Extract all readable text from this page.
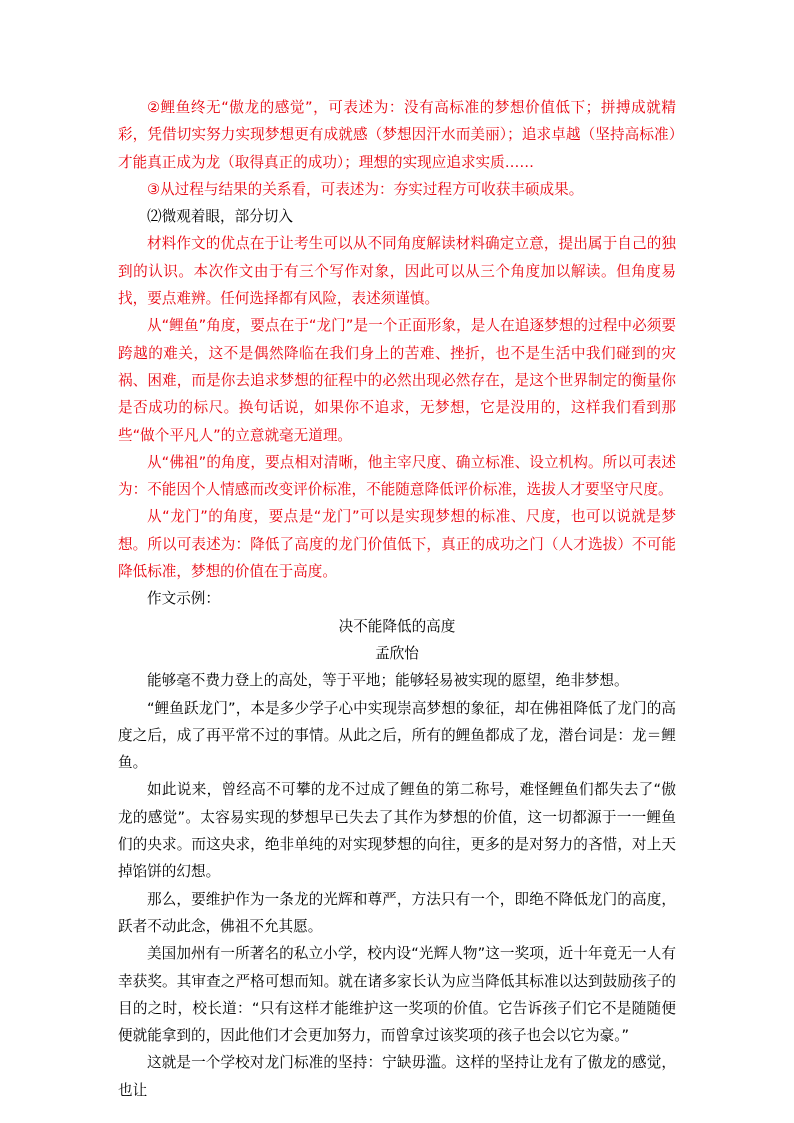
②鲤鱼终无“傲龙的感觉”，可表述为：没有高标准的梦想价值低下；拼搏成就精彩，凭借切实努力实现梦想更有成就感（梦想因汗水而美丽）；追求卓越（坚持高标准）才能真正成为龙（取得真正的成功）；理想的实现应追求实质……

③从过程与结果的关系看，可表述为：夯实过程方可收获丰硕成果。

⑵微观着眼，部分切入

材料作文的优点在于让考生可以从不同角度解读材料确定立意，提出属于自己的独到的认识。本次作文由于有三个写作对象，因此可以从三个角度加以解读。但角度易找，要点难辨。任何选择都有风险，表述须谨慎。

从“鲤鱼”角度，要点在于“龙门”是一个正面形象，是人在追逐梦想的过程中必须要跨越的难关，这不是偶然降临在我们身上的苦难、挫折，也不是生活中我们碰到的灾祸、困难，而是你去追求梦想的征程中的必然出现必然存在，是这个世界制定的衡量你是否成功的标尺。换句话说，如果你不追求，无梦想，它是没用的，这样我们看到那些“做个平凡人”的立意就毫无道理。

从“佛祖”的角度，要点相对清晰，他主宰尺度、确立标准、设立机构。所以可表述为：不能因个人情感而改变评价标准，不能随意降低评价标准，选拔人才要坚守尺度。

从“龙门”的角度，要点是“龙门”可以是实现梦想的标准、尺度，也可以说就是梦想。所以可表述为：降低了高度的龙门价值低下，真正的成功之门（人才选拔）不可能降低标准，梦想的价值在于高度。

作文示例：

决不能降低的高度

孟欣怡

能够毫不费力登上的高处，等于平地；能够轻易被实现的愿望，绝非梦想。

“鲤鱼跃龙门”，本是多少学子心中实现崇高梦想的象征，却在佛祖降低了龙门的高度之后，成了再平常不过的事情。从此之后，所有的鲤鱼都成了龙，潜台词是：龙＝鲤鱼。

如此说来，曾经高不可攀的龙不过成了鲤鱼的第二称号，难怪鲤鱼们都失去了“傲龙的感觉”。太容易实现的梦想早已失去了其作为梦想的价值，这一切都源于一一鲤鱼们的央求。而这央求，绝非单纯的对实现梦想的向往，更多的是对努力的吝惜，对上天掉馅饼的幻想。

那么，要维护作为一条龙的光辉和尊严，方法只有一个，即绝不降低龙门的高度，跃者不动此念，佛祖不允其愿。

美国加州有一所著名的私立小学，校内设“光辉人物”这一奖项，近十年竟无一人有幸获奖。其审查之严格可想而知。就在诸多家长认为应当降低其标准以达到鼓励孩子的目的之时，校长道：“只有这样才能维护这一奖项的价值。它告诉孩子们它不是随随便便就能拿到的，因此他们才会更加努力，而曾拿过该奖项的孩子也会以它为豪。”

这就是一个学校对龙门标准的坚持：宁缺毋滥。这样的坚持让龙有了傲龙的感觉，也让
